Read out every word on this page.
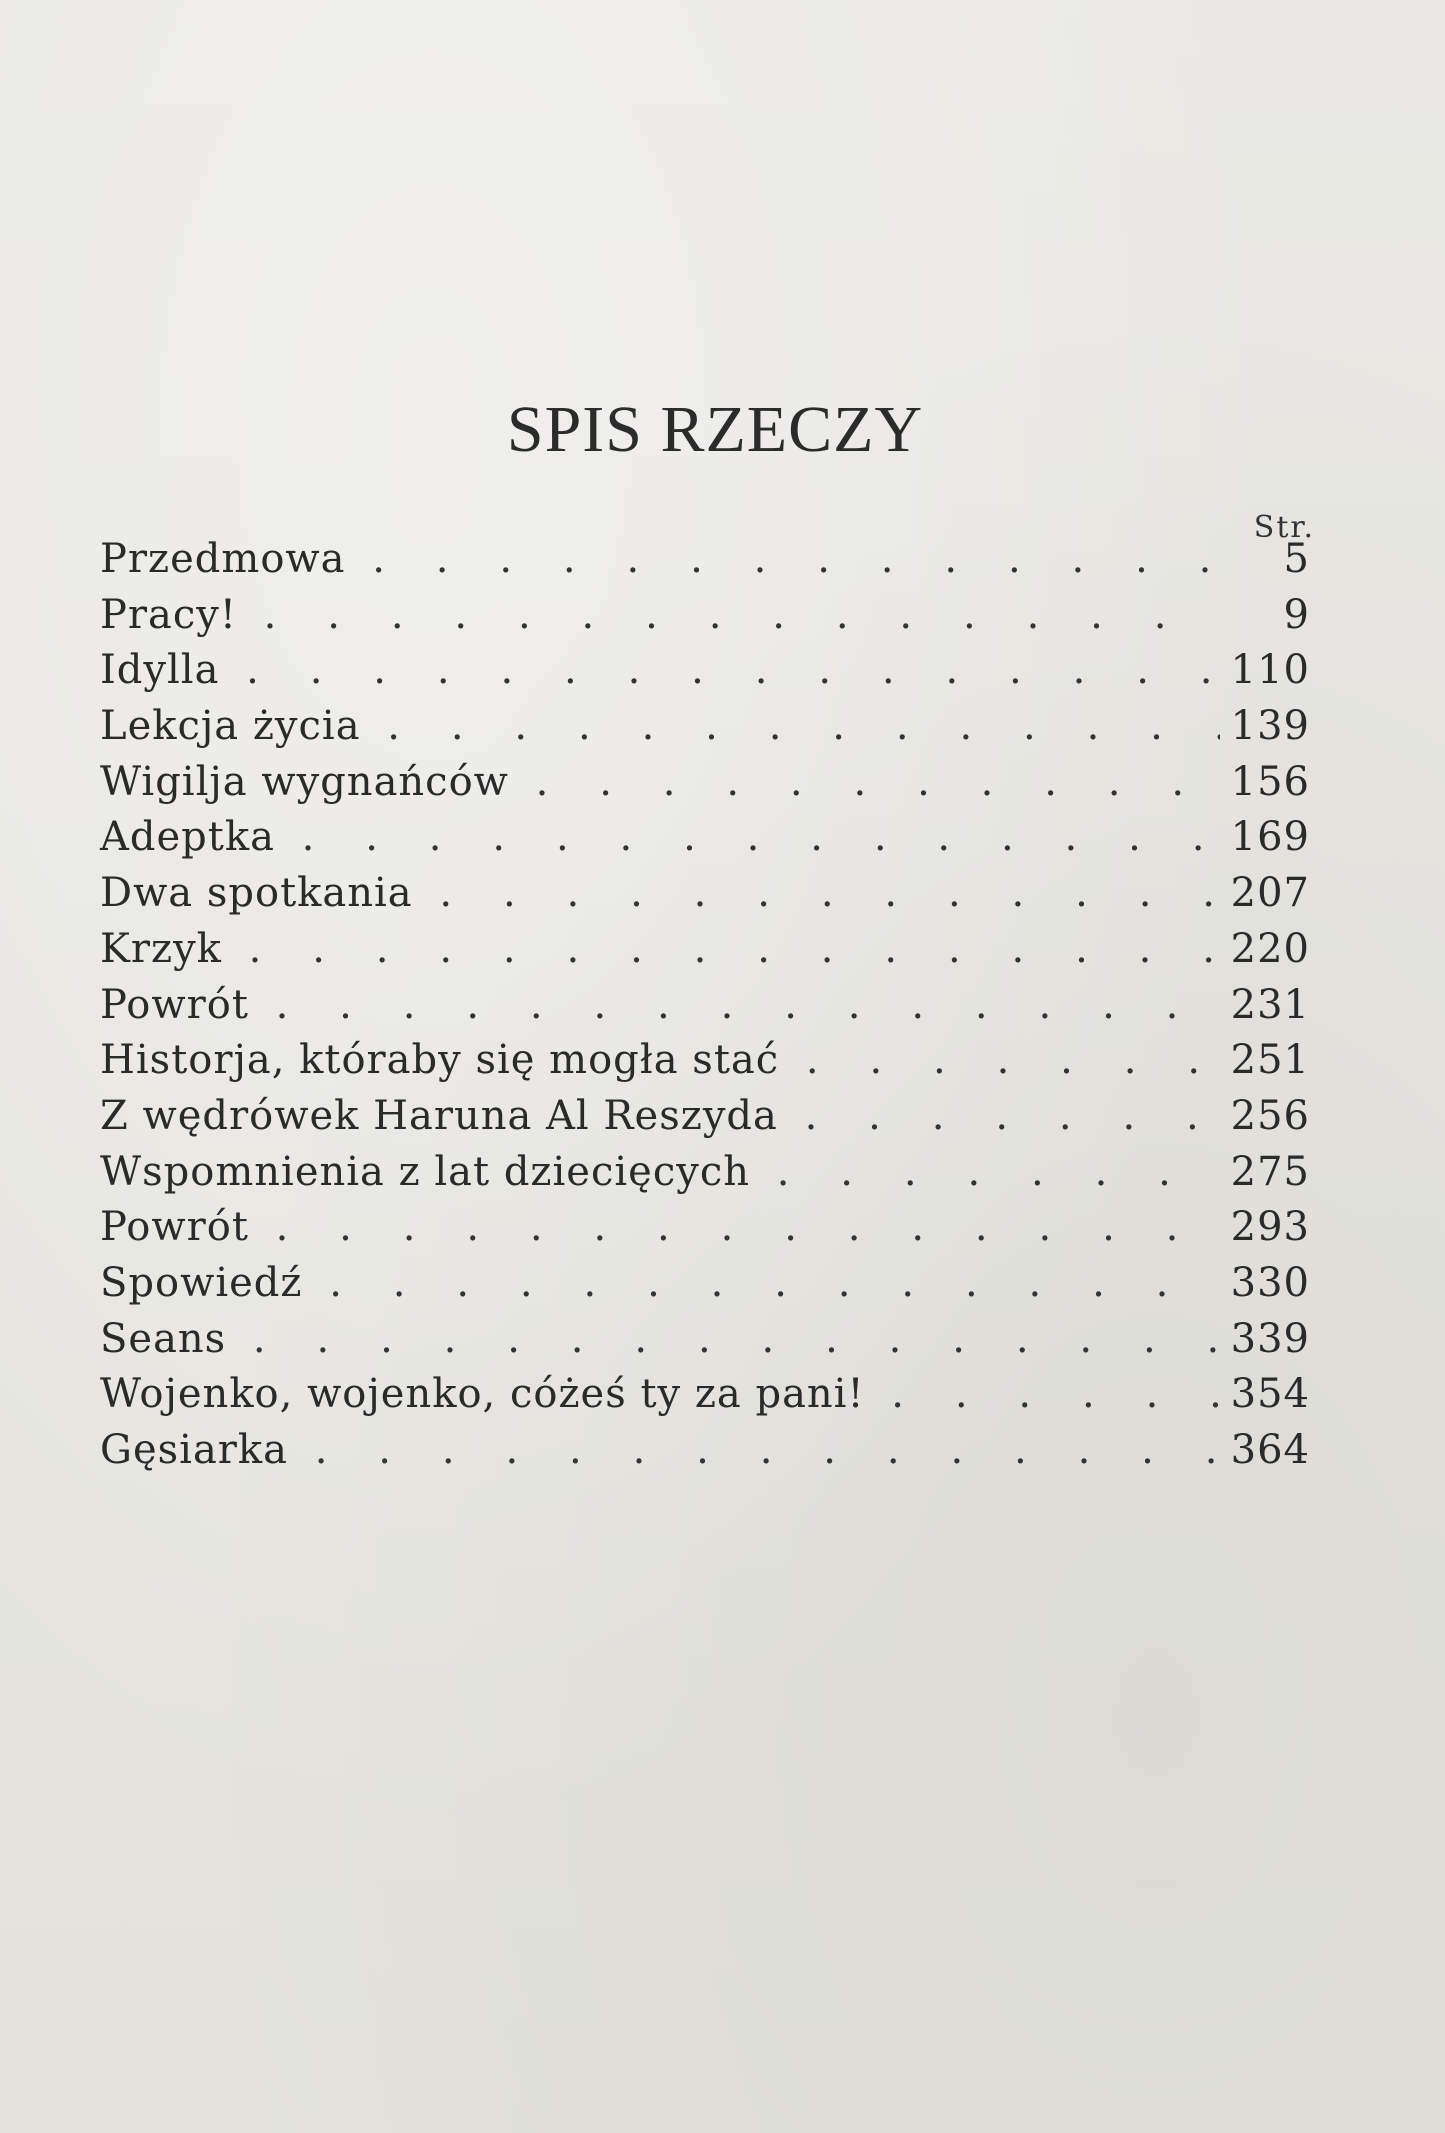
SPIS RZECZY
Str.
Przedmowa .	5
Pracy! .	9
Idylla .	110
Lekcja życia .	139
Wigilja wygnańców .	156
Adeptka .	169
Dwa spotkania .	207
Krzyk .	220
Powrót .	231
Historja, którаby się mogła stać .	251
Z wędrówek Haruna Al Reszyda .	256
Wspomnienia z lat dziecięcych .	275
Powrót .	293
Spowiedź .	330
Seans .	339
Wojenko, wojenko, cóżeś ty za pani! .	354
Gęsiarka .	364
